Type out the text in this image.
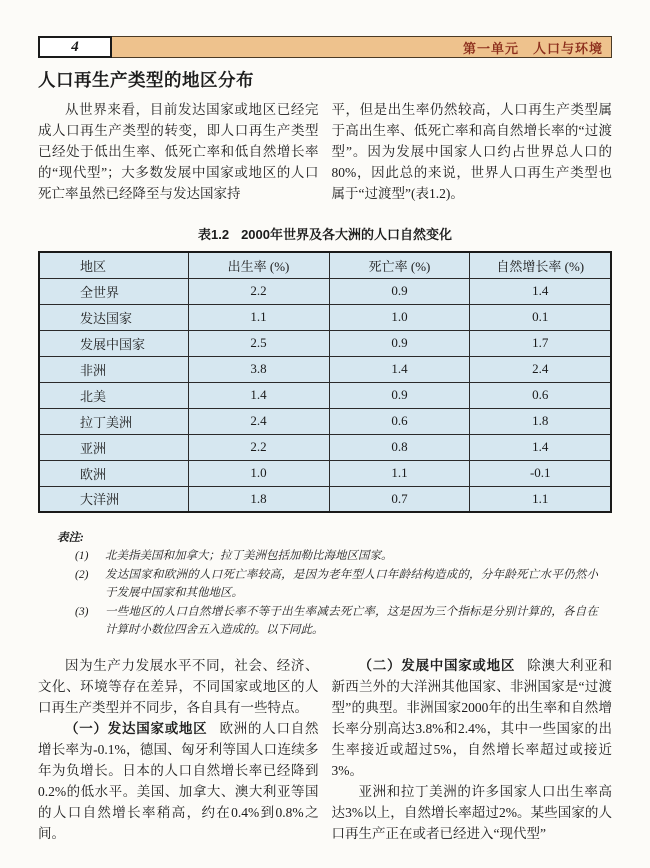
4	第一单元　人口与环境
人口再生产类型的地区分布

从世界来看，目前发达国家或地区已经完成人口再生产类型的转变，即人口再生产类型已经处于低出生率、低死亡率和低自然增长率的“现代型”；大多数发展中国家或地区的人口死亡率虽然已经降至与发达国家持

平，但是出生率仍然较高，人口再生产类型属于高出生率、低死亡率和高自然增长率的“过渡型”。因为发展中国家人口约占世界总人口的80%，因此总的来说，世界人口再生产类型也属于“过渡型”(表1.2)。

表1.2 2000年世界及各大洲的人口自然变化
地区	出生率 (%)	死亡率 (%)	自然增长率 (%)
全世界	2.2	0.9	1.4
发达国家	1.1	1.0	0.1
发展中国家	2.5	0.9	1.7
非洲	3.8	1.4	2.4
北美	1.4	0.9	0.6
拉丁美洲	2.4	0.6	1.8
亚洲	2.2	0.8	1.4
欧洲	1.0	1.1	-0.1
大洋洲	1.8	0.7	1.1
表注:
(1) 北美指美国和加拿大；拉丁美洲包括加勒比海地区国家。
(2) 发达国家和欧洲的人口死亡率较高，是因为老年型人口年龄结构造成的，分年龄死亡水平仍然小于发展中国家和其他地区。
(3) 一些地区的人口自然增长率不等于出生率减去死亡率，这是因为三个指标是分别计算的，各自在计算时小数位四舍五入造成的。以下同此。

因为生产力发展水平不同，社会、经济、文化、环境等存在差异，不同国家或地区的人口再生产类型并不同步，各自具有一些特点。

（一）发达国家或地区 欧洲的人口自然增长率为-0.1%，德国、匈牙利等国人口连续多年为负增长。日本的人口自然增长率已经降到0.2%的低水平。美国、加拿大、澳大利亚等国的人口自然增长率稍高，约在0.4%到0.8%之间。

（二）发展中国家或地区 除澳大利亚和新西兰外的大洋洲其他国家、非洲国家是“过渡型”的典型。非洲国家2000年的出生率和自然增长率分别高达3.8%和2.4%，其中一些国家的出生率接近或超过5%，自然增长率超过或接近3%。

亚洲和拉丁美洲的许多国家人口出生率高达3%以上，自然增长率超过2%。某些国家的人口再生产正在或者已经进入“现代型”
